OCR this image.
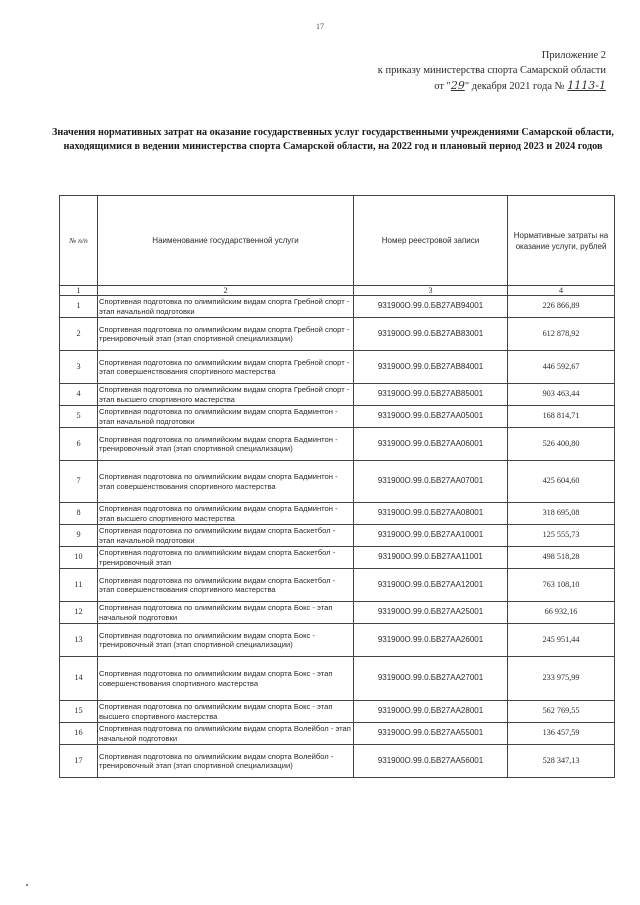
17
Приложение 2
к приказу министерства спорта Самарской области
от "29" декабря 2021 года № 1113-1
Значения нормативных затрат на оказание государственных услуг государственными учреждениями Самарской области, находящимися в ведении министерства спорта Самарской области, на 2022 год и плановый период 2023 и 2024 годов
№ п/п	Наименование государственной услуги	Номер реестровой записи	Нормативные затраты на оказание услуги, рублей
1	2	3	4
1	Спортивная подготовка по олимпийским видам спорта Гребной спорт - этап начальной подготовки	931900О.99.0.БВ27АВ94001	226 866,89
2	Спортивная подготовка по олимпийским видам спорта Гребной спорт - тренировочный этап (этап спортивной специализации)	931900О.99.0.БВ27АВ83001	612 878,92
3	Спортивная подготовка по олимпийским видам спорта Гребной спорт - этап совершенствования спортивного мастерства	931900О.99.0.БВ27АВ84001	446 592,67
4	Спортивная подготовка по олимпийским видам спорта Гребной спорт - этап высшего спортивного мастерства	931900О.99.0.БВ27АВ85001	903 463,44
5	Спортивная подготовка по олимпийским видам спорта Бадминтон - этап начальной подготовки	931900О.99.0.БВ27АА05001	168 814,71
6	Спортивная подготовка по олимпийским видам спорта Бадминтон - тренировочный этап (этап спортивной специализации)	931900О.99.0.БВ27АА06001	526 400,80
7	Спортивная подготовка по олимпийским видам спорта Бадминтон - этап совершенствования спортивного мастерства	931900О.99.0.БВ27АА07001	425 604,60
8	Спортивная подготовка по олимпийским видам спорта Бадминтон - этап высшего спортивного мастерства	931900О.99.0.БВ27АА08001	318 695,08
9	Спортивная подготовка по олимпийским видам спорта Баскетбол - этап начальной подготовки	931900О.99.0.БВ27АА10001	125 555,73
10	Спортивная подготовка по олимпийским видам спорта Баскетбол - тренировочный этап	931900О.99.0.БВ27АА11001	498 518,28
11	Спортивная подготовка по олимпийским видам спорта Баскетбол - этап совершенствования спортивного мастерства	931900О.99.0.БВ27АА12001	763 108,10
12	Спортивная подготовка по олимпийским видам спорта Бокс - этап начальной подготовки	931900О.99.0.БВ27АА25001	66 932,16
13	Спортивная подготовка по олимпийским видам спорта Бокс - тренировочный этап (этап спортивной специализации)	931900О.99.0.БВ27АА26001	245 951,44
14	Спортивная подготовка по олимпийским видам спорта Бокс - этап совершенствования спортивного мастерства	931900О.99.0.БВ27АА27001	233 975,99
15	Спортивная подготовка по олимпийским видам спорта Бокс - этап высшего спортивного мастерства	931900О.99.0.БВ27АА28001	562 769,55
16	Спортивная подготовка по олимпийским видам спорта Волейбол - этап начальной подготовки	931900О.99.0.БВ27АА55001	136 457,59
17	Спортивная подготовка по олимпийским видам спорта Волейбол - тренировочный этап (этап спортивной специализации)	931900О.99.0.БВ27АА56001	528 347,13
